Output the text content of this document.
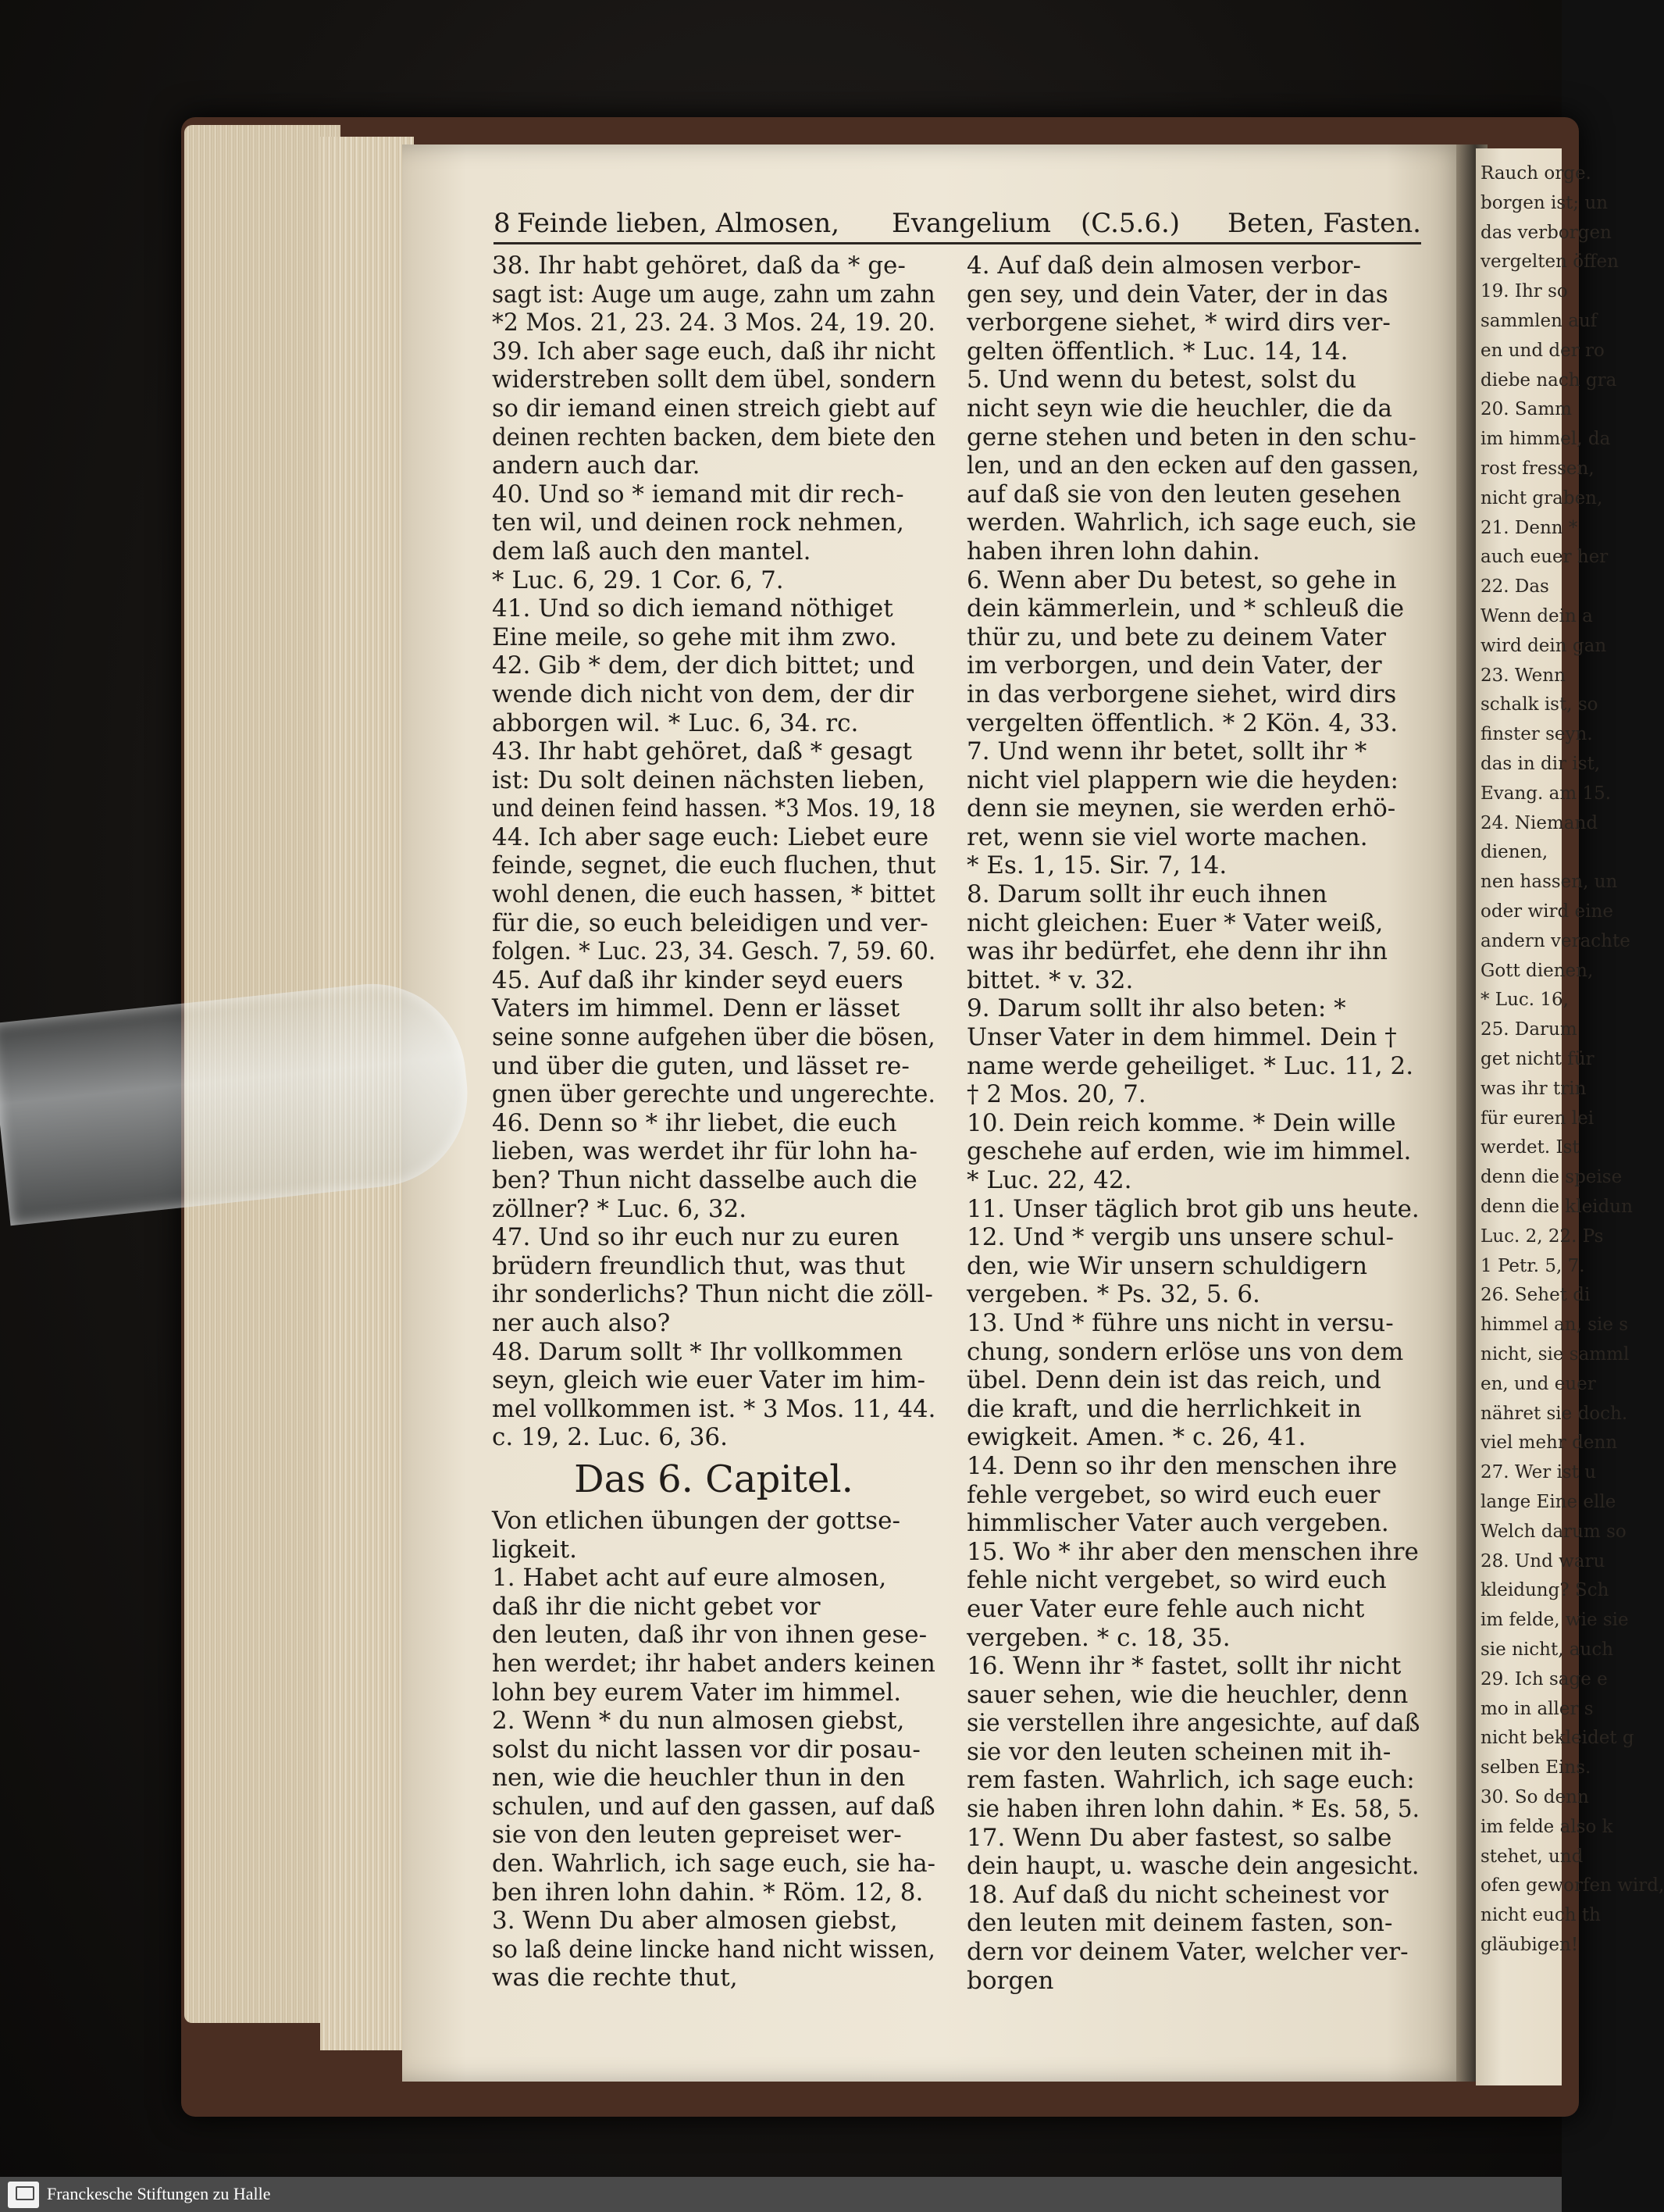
Rauch orge.
borgen ist; un
das verborgen
vergelten öffen
19. Ihr so
sammlen auf
en und der ro
diebe nach gra
20. Samm
im himmel, da
rost fressen,
nicht graben,
21. Denn *
auch euer her
22. Das
Wenn dein a
wird dein gan
23. Wenn
schalk ist, so
finster seyn.
das in dir ist,
Evang. am 15.
24. Niemand
dienen,
nen hassen, un
oder wird eine
andern verachte
Gott dienen,
* Luc. 16,
25. Darum
get nicht für
was ihr trin
für euren lei
werdet. Ist
denn die speise
denn die kleidun
Luc. 2, 22. Ps
1 Petr. 5, 7.
26. Sehet di
himmel an, sie s
nicht, sie samml
en, und euer
nähret sie doch.
viel mehr denn
27. Wer ist u
lange Eine elle
Welch darum so
28. Und waru
kleidung? Sch
im felde, wie sie
sie nicht, auch
29. Ich sage e
mo in aller s
nicht bekleidet g
selben Eins.
30. So denn
im felde also k
stehet, und
ofen geworfen wird,
nicht euch th
gläubigen!
8 Feinde lieben, Almosen, Evangelium (C.5.6.) Beten, Fasten.
38. Ihr habt gehöret, daß da * ge-
sagt ist: Auge um auge, zahn um zahn
*2 Mos. 21, 23. 24. 3 Mos. 24, 19. 20.
39. Ich aber sage euch, daß ihr nicht
widerstreben sollt dem übel, sondern
so dir iemand einen streich giebt auf
deinen rechten backen, dem biete den
andern auch dar.
40. Und so * iemand mit dir rech-
ten wil, und deinen rock nehmen,
dem laß auch den mantel.
* Luc. 6, 29. 1 Cor. 6, 7.
41. Und so dich iemand nöthiget
Eine meile, so gehe mit ihm zwo.
42. Gib * dem, der dich bittet; und
wende dich nicht von dem, der dir
abborgen wil. * Luc. 6, 34. rc.
43. Ihr habt gehöret, daß * gesagt
ist: Du solt deinen nächsten lieben,
und deinen feind hassen. *3 Mos. 19, 18
44. Ich aber sage euch: Liebet eure
feinde, segnet, die euch fluchen, thut
wohl denen, die euch hassen, * bittet
für die, so euch beleidigen und ver-
folgen. * Luc. 23, 34. Gesch. 7, 59. 60.
45. Auf daß ihr kinder seyd euers
Vaters im himmel. Denn er lässet
seine sonne aufgehen über die bösen,
und über die guten, und lässet re-
gnen über gerechte und ungerechte.
46. Denn so * ihr liebet, die euch
lieben, was werdet ihr für lohn ha-
ben? Thun nicht dasselbe auch die
zöllner? * Luc. 6, 32.
47. Und so ihr euch nur zu euren
brüdern freundlich thut, was thut
ihr sonderlichs? Thun nicht die zöll-
ner auch also?
48. Darum sollt * Ihr vollkommen
seyn, gleich wie euer Vater im him-
mel vollkommen ist. * 3 Mos. 11, 44.
c. 19, 2. Luc. 6, 36.
Das 6. Capitel.
Von etlichen übungen der gottse-
ligkeit.
1. Habet acht auf eure almosen,
daß ihr die nicht gebet vor
den leuten, daß ihr von ihnen gese-
hen werdet; ihr habet anders keinen
lohn bey eurem Vater im himmel.
2. Wenn * du nun almosen giebst,
solst du nicht lassen vor dir posau-
nen, wie die heuchler thun in den
schulen, und auf den gassen, auf daß
sie von den leuten gepreiset wer-
den. Wahrlich, ich sage euch, sie ha-
ben ihren lohn dahin. * Röm. 12, 8.
3. Wenn Du aber almosen giebst,
so laß deine lincke hand nicht wissen,
was die rechte thut,
4. Auf daß dein almosen verbor-
gen sey, und dein Vater, der in das
verborgene siehet, * wird dirs ver-
gelten öffentlich. * Luc. 14, 14.
5. Und wenn du betest, solst du
nicht seyn wie die heuchler, die da
gerne stehen und beten in den schu-
len, und an den ecken auf den gassen,
auf daß sie von den leuten gesehen
werden. Wahrlich, ich sage euch, sie
haben ihren lohn dahin.
6. Wenn aber Du betest, so gehe in
dein kämmerlein, und * schleuß die
thür zu, und bete zu deinem Vater
im verborgen, und dein Vater, der
in das verborgene siehet, wird dirs
vergelten öffentlich. * 2 Kön. 4, 33.
7. Und wenn ihr betet, sollt ihr *
nicht viel plappern wie die heyden:
denn sie meynen, sie werden erhö-
ret, wenn sie viel worte machen.
* Es. 1, 15. Sir. 7, 14.
8. Darum sollt ihr euch ihnen
nicht gleichen: Euer * Vater weiß,
was ihr bedürfet, ehe denn ihr ihn
bittet. * v. 32.
9. Darum sollt ihr also beten: *
Unser Vater in dem himmel. Dein †
name werde geheiliget. * Luc. 11, 2.
† 2 Mos. 20, 7.
10. Dein reich komme. * Dein wille
geschehe auf erden, wie im himmel.
* Luc. 22, 42.
11. Unser täglich brot gib uns heute.
12. Und * vergib uns unsere schul-
den, wie Wir unsern schuldigern
vergeben. * Ps. 32, 5. 6.
13. Und * führe uns nicht in versu-
chung, sondern erlöse uns von dem
übel. Denn dein ist das reich, und
die kraft, und die herrlichkeit in
ewigkeit. Amen. * c. 26, 41.
14. Denn so ihr den menschen ihre
fehle vergebet, so wird euch euer
himmlischer Vater auch vergeben.
15. Wo * ihr aber den menschen ihre
fehle nicht vergebet, so wird euch
euer Vater eure fehle auch nicht
vergeben. * c. 18, 35.
16. Wenn ihr * fastet, sollt ihr nicht
sauer sehen, wie die heuchler, denn
sie verstellen ihre angesichte, auf daß
sie vor den leuten scheinen mit ih-
rem fasten. Wahrlich, ich sage euch:
sie haben ihren lohn dahin. * Es. 58, 5.
17. Wenn Du aber fastest, so salbe
dein haupt, u. wasche dein angesicht.
18. Auf daß du nicht scheinest vor
den leuten mit deinem fasten, son-
dern vor deinem Vater, welcher ver-
borgen
Franckesche Stiftungen zu Halle
